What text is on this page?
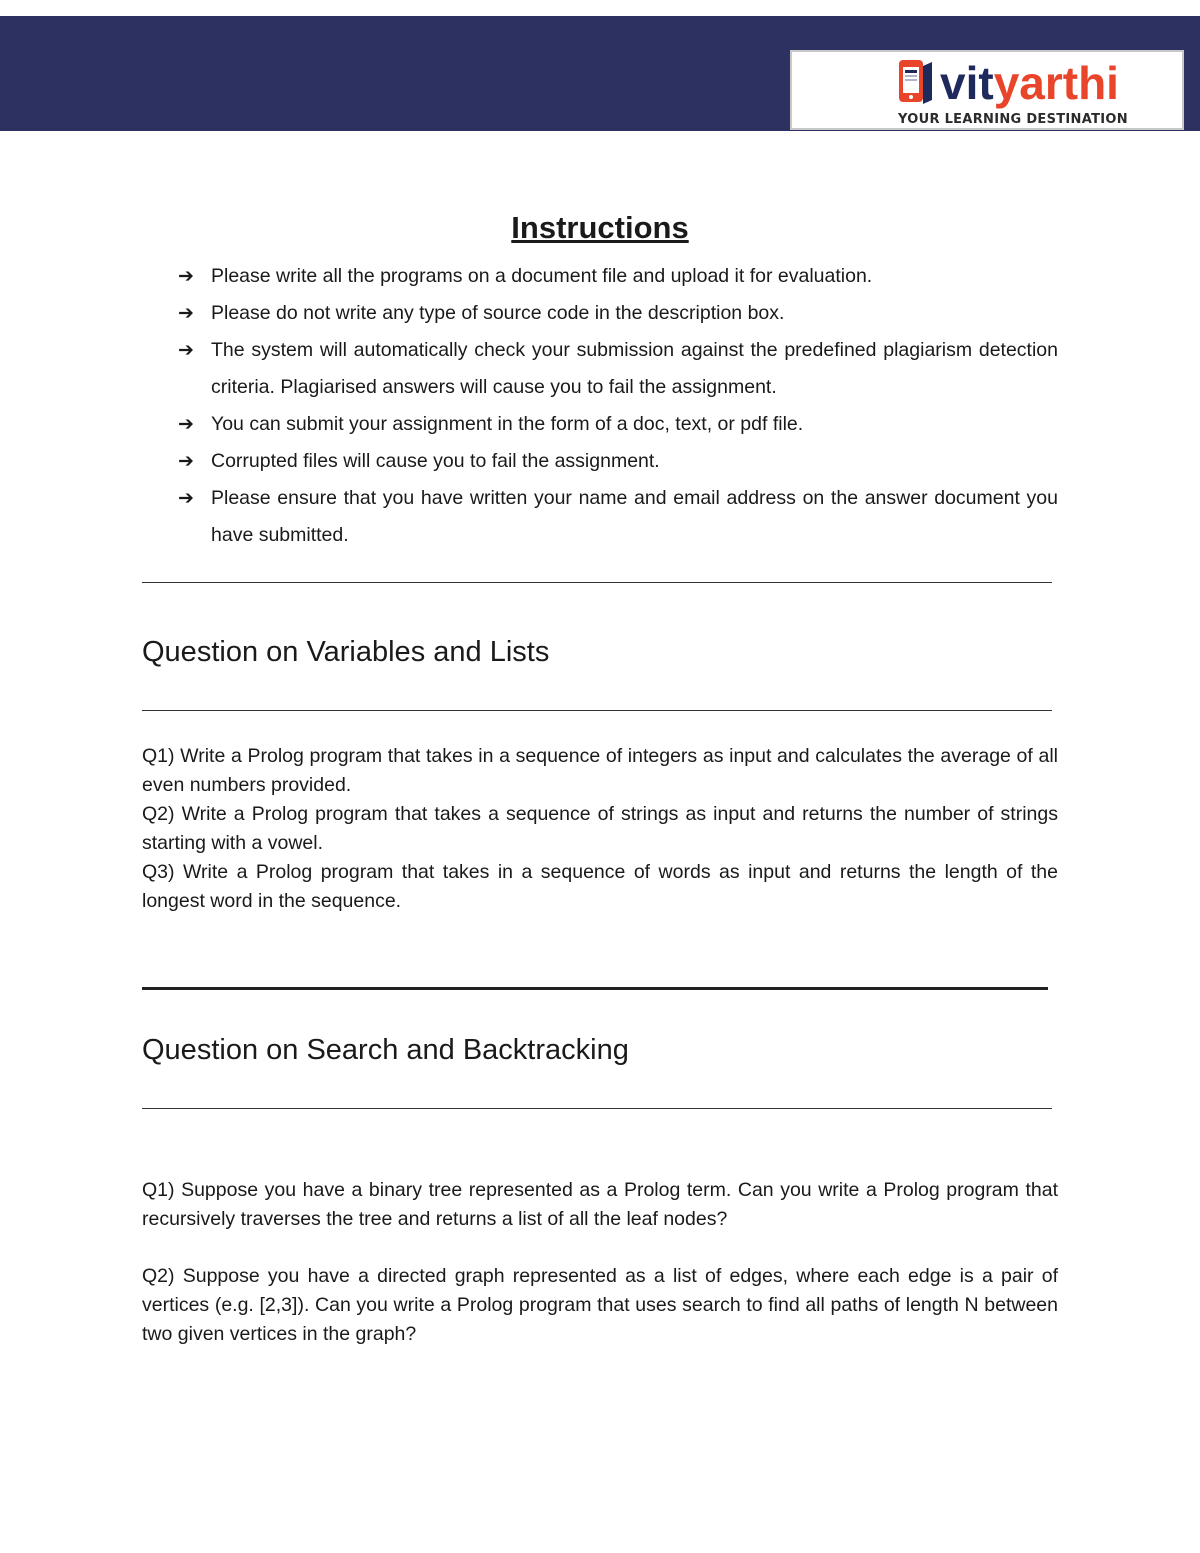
vityarthi
YOUR LEARNING DESTINATION
Instructions
➔ Please write all the programs on a document file and upload it for evaluation.
➔ Please do not write any type of source code in the description box.
➔ The system will automatically check your submission against the predefined plagiarism detection criteria. Plagiarised answers will cause you to fail the assignment.
➔ You can submit your assignment in the form of a doc, text, or pdf file.
➔ Corrupted files will cause you to fail the assignment.
➔ Please ensure that you have written your name and email address on the answer document you have submitted.
Question on Variables and Lists

Q1) Write a Prolog program that takes in a sequence of integers as input and calculates the average of all even numbers provided.

Q2) Write a Prolog program that takes a sequence of strings as input and returns the number of strings starting with a vowel.

Q3) Write a Prolog program that takes in a sequence of words as input and returns the length of the longest word in the sequence.

Question on Search and Backtracking

Q1) Suppose you have a binary tree represented as a Prolog term. Can you write a Prolog program that recursively traverses the tree and returns a list of all the leaf nodes?

Q2) Suppose you have a directed graph represented as a list of edges, where each edge is a pair of vertices (e.g. [2,3]). Can you write a Prolog program that uses search to find all paths of length N between two given vertices in the graph?
